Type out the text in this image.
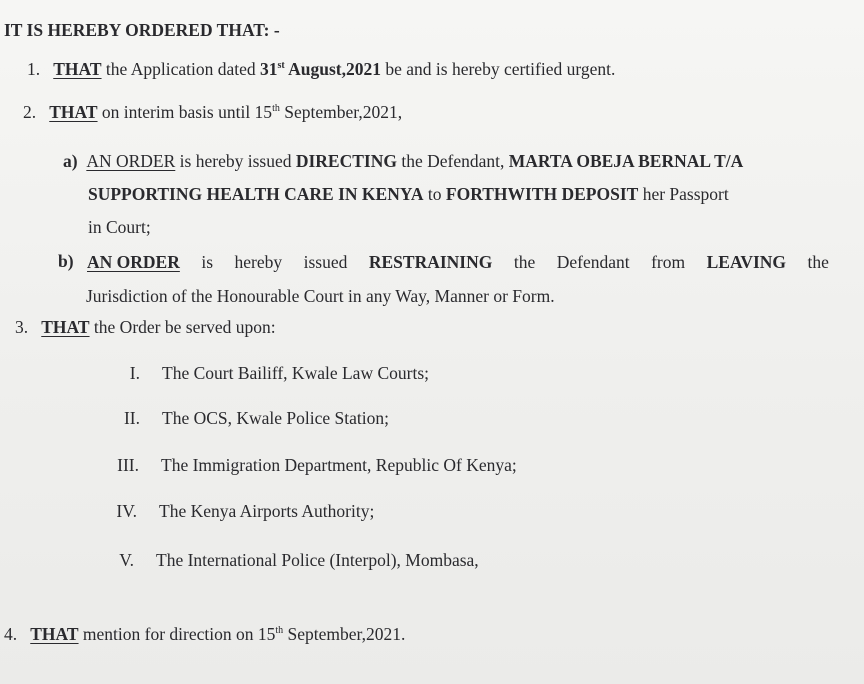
IT IS HEREBY ORDERED THAT: -
1. THAT the Application dated 31st August,2021 be and is hereby certified urgent.
2. THAT on interim basis until 15th September,2021,
a) AN ORDER is hereby issued DIRECTING the Defendant, MARTA OBEJA BERNAL T/A
SUPPORTING HEALTH CARE IN KENYA to FORTHWITH DEPOSIT her Passport
in Court;
b) AN ORDER is hereby issued RESTRAINING the Defendant from LEAVING the
Jurisdiction of the Honourable Court in any Way, Manner or Form.
3. THAT the Order be served upon:
I. The Court Bailiff, Kwale Law Courts;
II. The OCS, Kwale Police Station;
III. The Immigration Department, Republic Of Kenya;
IV. The Kenya Airports Authority;
V. The International Police (Interpol), Mombasa,
4. THAT mention for direction on 15th September,2021.
